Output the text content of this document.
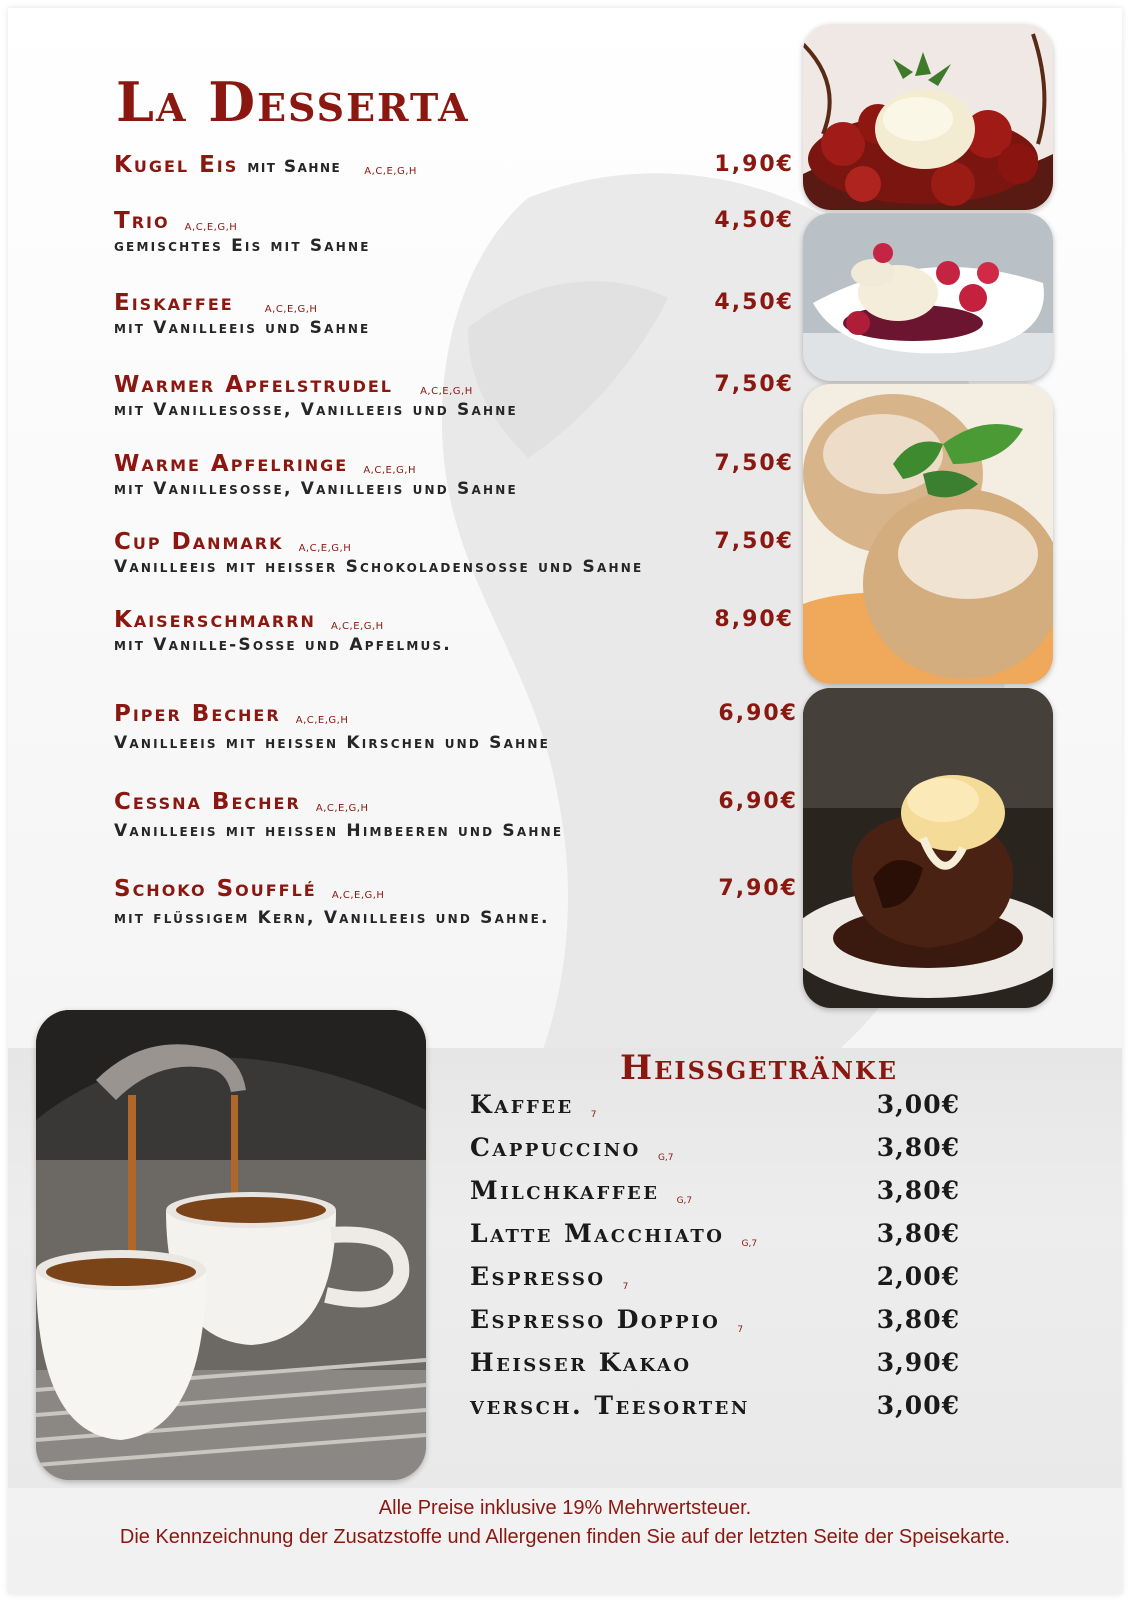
La Desserta
Kugel Eis mit Sahne A,C,E,G,H	1,90€
Trio A,C,E,G,H	4,50€
gemischtes Eis mit Sahne
Eiskaffee	A,C,E,G,H	4,50€
mit Vanilleeis und Sahne
Warmer Apfelstrudel	A,C,E,G,H	7,50€
mit Vanillesosse, Vanilleeis und Sahne
Warme Apfelringe A,C,E,G,H	7,50€
mit Vanillesosse, Vanilleeis und Sahne
Cup Danmark A,C,E,G,H	7,50€
Vanilleeis mit heisser Schokoladensosse und Sahne
Kaiserschmarrn A,C,E,G,H	8,90€
mit Vanille-Sosse und Apfelmus.
Piper Becher A,C,E,G,H	6,90€
Vanilleeis mit heissen Kirschen und Sahne
Cessna Becher A,C,E,G,H	6,90€
Vanilleeis mit heissen Himbeeren und Sahne
Schoko Soufflé A,C,E,G,H	7,90€
mit flüssigem Kern, Vanilleeis und Sahne.
Heissgetränke
Kaffee $_7$	3,00€
Cappuccino $_{G,7}$	3,80€
Milchkaffee $_{G,7}$	3,80€
Latte Macchiato $_{G,7}$	3,80€
Espresso $_7$	2,00€
Espresso Doppio $_7$	3,80€
Heisser Kakao	3,90€
versch. Teesorten	3,00€
Alle Preise inklusive 19% Mehrwertsteuer.
Die Kennzeichnung der Zusatzstoffe und Allergenen finden Sie auf der letzten Seite der Speisekarte.
